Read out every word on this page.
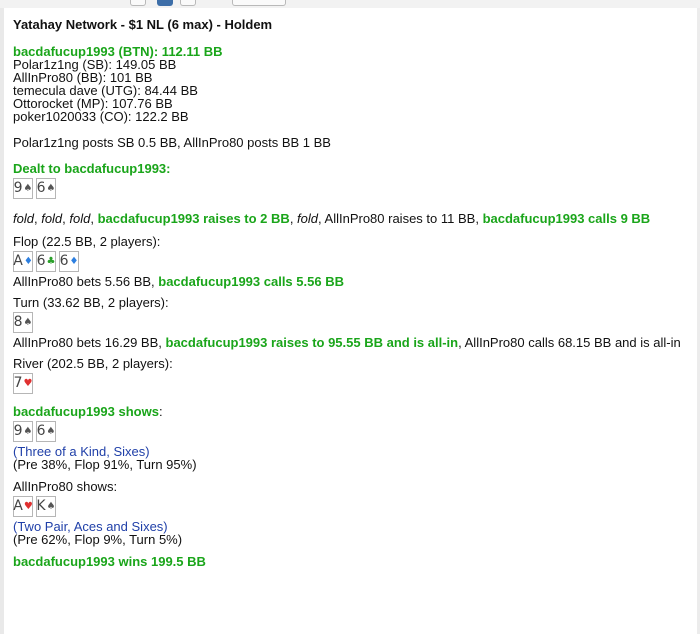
Yatahay Network - $1 NL (6 max) - Holdem
bacdafucup1993 (BTN): 112.11 BB
Polar1z1ng (SB): 149.05 BB
AllInPro80 (BB): 101 BB
temecula dave (UTG): 84.44 BB
Ottorocket (MP): 107.76 BB
poker1020033 (CO): 122.2 BB
Polar1z1ng posts SB 0.5 BB, AllInPro80 posts BB 1 BB
Dealt to bacdafucup1993:
9 ♠ 6 ♠
fold, fold, fold, bacdafucup1993 raises to 2 BB, fold, AllInPro80 raises to 11 BB, bacdafucup1993 calls 9 BB
Flop (22.5 BB, 2 players):
A ♦ 6 ♣ 6 ♦
AllInPro80 bets 5.56 BB, bacdafucup1993 calls 5.56 BB
Turn (33.62 BB, 2 players):
8 ♠
AllInPro80 bets 16.29 BB, bacdafucup1993 raises to 95.55 BB and is all-in, AllInPro80 calls 68.15 BB and is all-in
River (202.5 BB, 2 players):
7 ♥
bacdafucup1993 shows:
9 ♠ 6 ♠
(Three of a Kind, Sixes)
(Pre 38%, Flop 91%, Turn 95%)
AllInPro80 shows:
A ♥ K ♠
(Two Pair, Aces and Sixes)
(Pre 62%, Flop 9%, Turn 5%)
bacdafucup1993 wins 199.5 BB
